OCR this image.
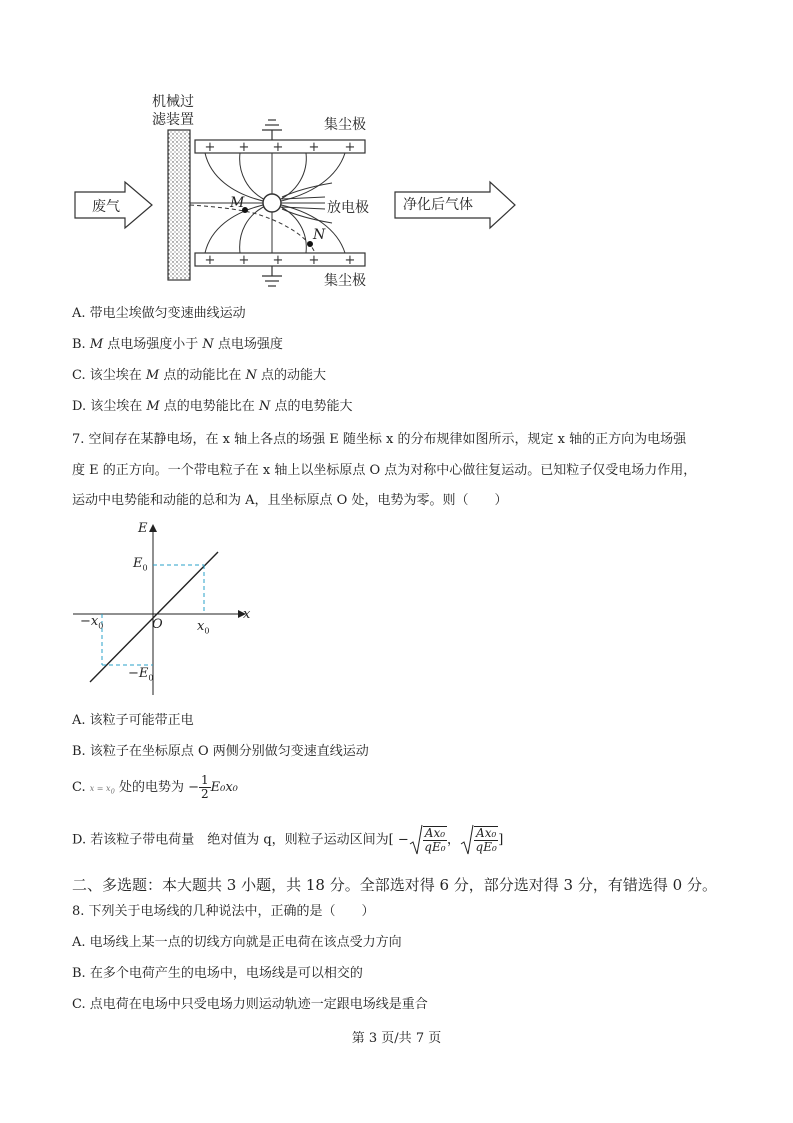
+ + + + +
+ + + + +
机械过
滤装置	集尘极
集尘极
废气	放电极 净化后气体
M
N
A. 带电尘埃做匀变速曲线运动
B. M 点电场强度小于 N 点电场强度
C. 该尘埃在 M 点的动能比在 N 点的动能大
D. 该尘埃在 M 点的电势能比在 N 点的电势能大
7. 空间存在某静电场，在 x 轴上各点的场强 E 随坐标 x 的分布规律如图所示，规定 x 轴的正方向为电场强
度 E 的正方向。一个带电粒子在 x 轴上以坐标原点 O 点为对称中心做往复运动。已知粒子仅受电场力作用，
运动中电势能和动能的总和为 A，且坐标原点 O 处，电势为零。则（　　）
E
x
O
$E_0$
$-E_0$
$x_0$
$-x_0$
A. 该粒子可能带正电
B. 该粒子在坐标原点 O 两侧分别做匀变速直线运动
C. $x = x_0$ 处的电势为 − $\frac{1}{2} E_0x_0$
D. 若该粒子带电荷量　绝对值为 q，则粒子运动区间为[ − $\frac{\text{Ax₀}}{\text{qE₀}}$ ， $\frac{\text{Ax₀}}{\text{qE₀}}$ ]
二、多选题：本大题共 3 小题，共 18 分。全部选对得 6 分，部分选对得 3 分，有错选得 0 分。
8. 下列关于电场线的几种说法中，正确的是（　　）
A. 电场线上某一点的切线方向就是正电荷在该点受力方向
B. 在多个电荷产生的电场中，电场线是可以相交的
C. 点电荷在电场中只受电场力则运动轨迹一定跟电场线是重合
第 3 页/共 7 页
